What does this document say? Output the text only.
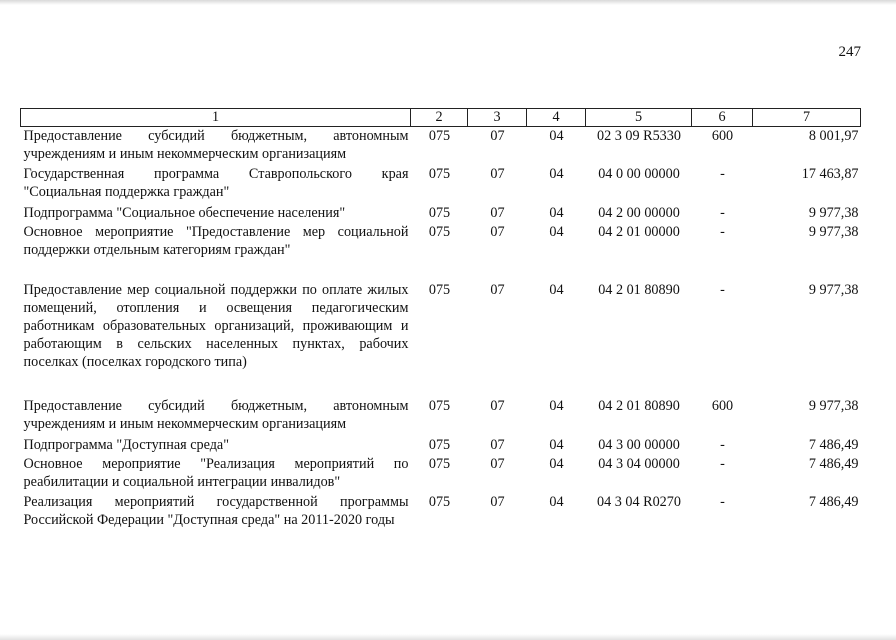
247
1	2	3	4	5	6	7
Предоставление субсидий бюджетным, автономным учреждениям и иным некоммерческим организациям	075	07	04	02 3 09 R5330	600	8 001,97
Государственная программа Ставропольского края "Социальная поддержка граждан"	075	07	04	04 0 00 00000	-	17 463,87
Подпрограмма "Социальное обеспечение населения"	075	07	04	04 2 00 00000	-	9 977,38
Основное мероприятие "Предоставление мер социальной поддержки отдельным категориям граждан"	075	07	04	04 2 01 00000	-	9 977,38
Предоставление мер социальной поддержки по оплате жилых помещений, отопления и освещения педагогическим работникам образовательных организаций, проживающим и работающим в сельских населенных пунктах, рабочих поселках (поселках городского типа)	075	07	04	04 2 01 80890	-	9 977,38
Предоставление субсидий бюджетным, автономным учреждениям и иным некоммерческим организациям	075	07	04	04 2 01 80890	600	9 977,38
Подпрограмма "Доступная среда"	075	07	04	04 3 00 00000	-	7 486,49
Основное мероприятие "Реализация мероприятий по реабилитации и социальной интеграции инвалидов"	075	07	04	04 3 04 00000	-	7 486,49
Реализация мероприятий государственной программы Российской Федерации "Доступная среда" на 2011-2020 годы	075	07	04	04 3 04 R0270	-	7 486,49
